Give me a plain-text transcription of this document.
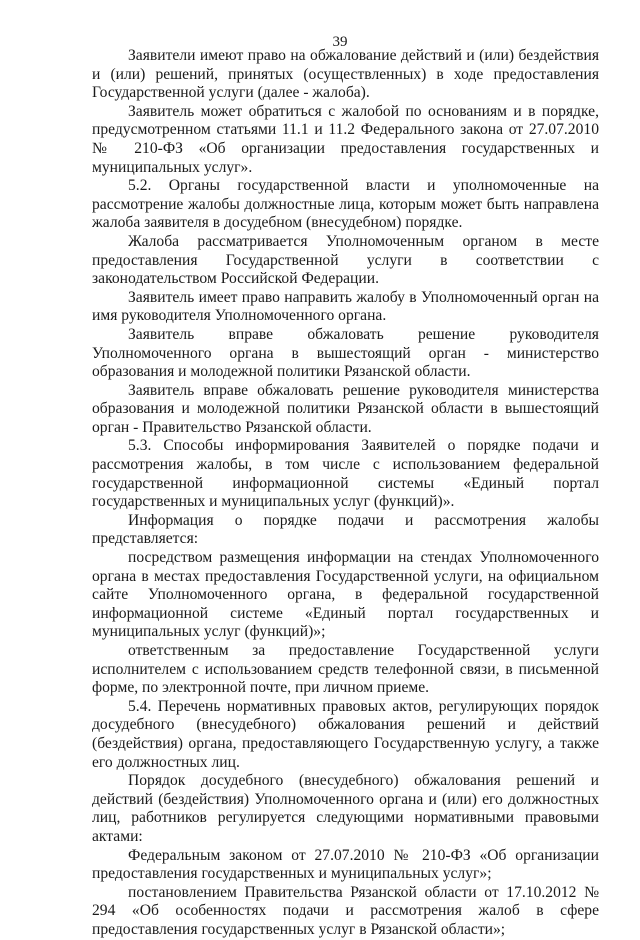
39

Заявители имеют право на обжалование действий и (или) бездействия и (или) решений, принятых (осуществленных) в ходе предоставления Государственной услуги (далее - жалоба).

Заявитель может обратиться с жалобой по основаниям и в порядке, предусмотренном статьями 11.1 и 11.2 Федерального закона от 27.07.2010 № 210-ФЗ «Об организации предоставления государственных и муниципальных услуг».

5.2. Органы государственной власти и уполномоченные на рассмотрение жалобы должностные лица, которым может быть направлена жалоба заявителя в досудебном (внесудебном) порядке.

Жалоба рассматривается Уполномоченным органом в месте предоставления Государственной услуги в соответствии с законодательством Российской Федерации.

Заявитель имеет право направить жалобу в Уполномоченный орган на имя руководителя Уполномоченного органа.

Заявитель вправе обжаловать решение руководителя Уполномоченного органа в вышестоящий орган - министерство образования и молодежной политики Рязанской области.

Заявитель вправе обжаловать решение руководителя министерства образования и молодежной политики Рязанской области в вышестоящий орган - Правительство Рязанской области.

5.3. Способы информирования Заявителей о порядке подачи и рассмотрения жалобы, в том числе с использованием федеральной государственной информационной системы «Единый портал государственных и муниципальных услуг (функций)».

Информация о порядке подачи и рассмотрения жалобы представляется:

посредством размещения информации на стендах Уполномоченного органа в местах предоставления Государственной услуги, на официальном сайте Уполномоченного органа, в федеральной государственной информационной системе «Единый портал государственных и муниципальных услуг (функций)»;

ответственным за предоставление Государственной услуги исполнителем с использованием средств телефонной связи, в письменной форме, по электронной почте, при личном приеме.

5.4. Перечень нормативных правовых актов, регулирующих порядок досудебного (внесудебного) обжалования решений и действий (бездействия) органа, предоставляющего Государственную услугу, а также его должностных лиц.

Порядок досудебного (внесудебного) обжалования решений и действий (бездействия) Уполномоченного органа и (или) его должностных лиц, работников регулируется следующими нормативными правовыми актами:

Федеральным законом от 27.07.2010 № 210-ФЗ «Об организации предоставления государственных и муниципальных услуг»;

постановлением Правительства Рязанской области от 17.10.2012 № 294 «Об особенностях подачи и рассмотрения жалоб в сфере предоставления государственных услуг в Рязанской области»;
